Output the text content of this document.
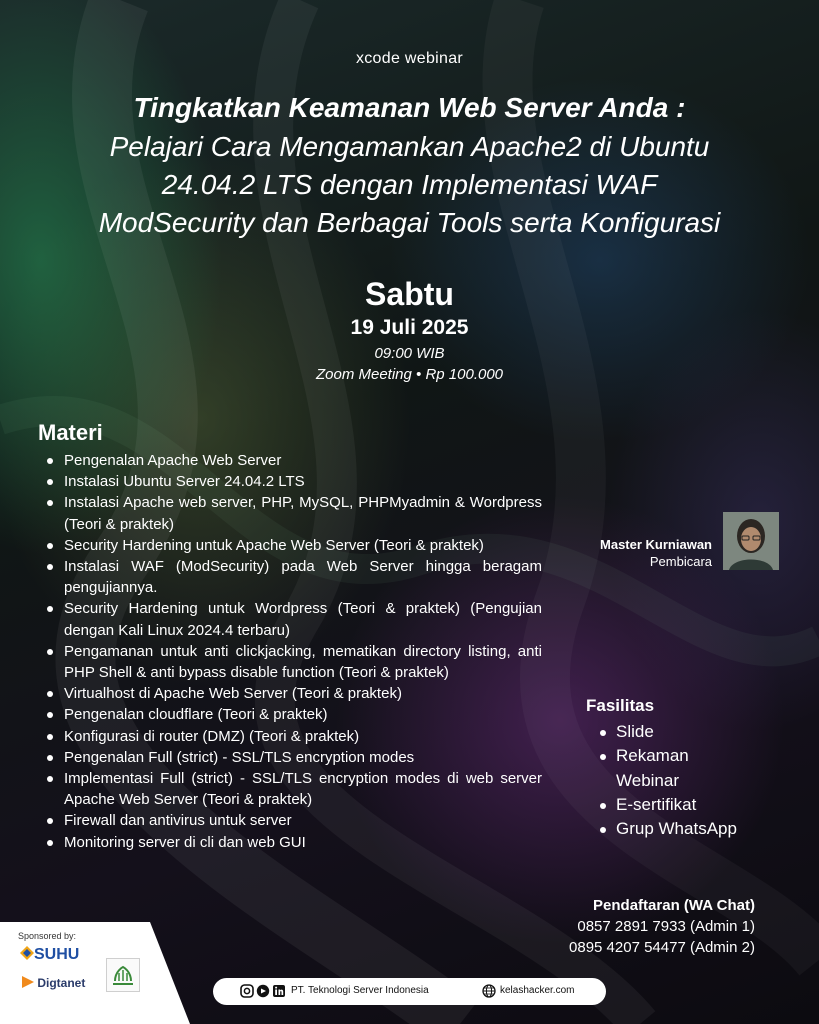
xcode webinar
Tingkatkan Keamanan Web Server Anda :
Pelajari Cara Mengamankan Apache2 di Ubuntu
24.04.2 LTS dengan Implementasi WAF
ModSecurity dan Berbagai Tools serta Konfigurasi
Sabtu
19 Juli 2025
09:00 WIB
Zoom Meeting • Rp 100.000
Materi
Pengenalan Apache Web Server
Instalasi Ubuntu Server 24.04.2 LTS
Instalasi Apache web server, PHP, MySQL, PHPMyadmin & Wordpress (Teori & praktek)
Security Hardening untuk Apache Web Server (Teori & praktek)
Instalasi WAF (ModSecurity) pada Web Server hingga beragam pengujiannya.
Security Hardening untuk Wordpress (Teori & praktek) (Pengujian dengan Kali Linux 2024.4 terbaru)
Pengamanan untuk anti clickjacking, mematikan directory listing, anti PHP Shell & anti bypass disable function (Teori & praktek)
Virtualhost di Apache Web Server (Teori & praktek)
Pengenalan cloudflare (Teori & praktek)
Konfigurasi di router (DMZ) (Teori & praktek)
Pengenalan Full (strict) - SSL/TLS encryption modes
Implementasi Full (strict) - SSL/TLS encryption modes di web server Apache Web Server (Teori & praktek)
Firewall dan antivirus untuk server
Monitoring server di cli dan web GUI
Master Kurniawan
Pembicara
Fasilitas
Slide
Rekaman Webinar
E-sertifikat
Grup WhatsApp
Pendaftaran (WA Chat)
0857 2891 7933 (Admin 1)
0895 4207 54477 (Admin 2)
Sponsored by:
SUHU
Digtanet
PT. Teknologi Server Indonesia	kelashacker.com
